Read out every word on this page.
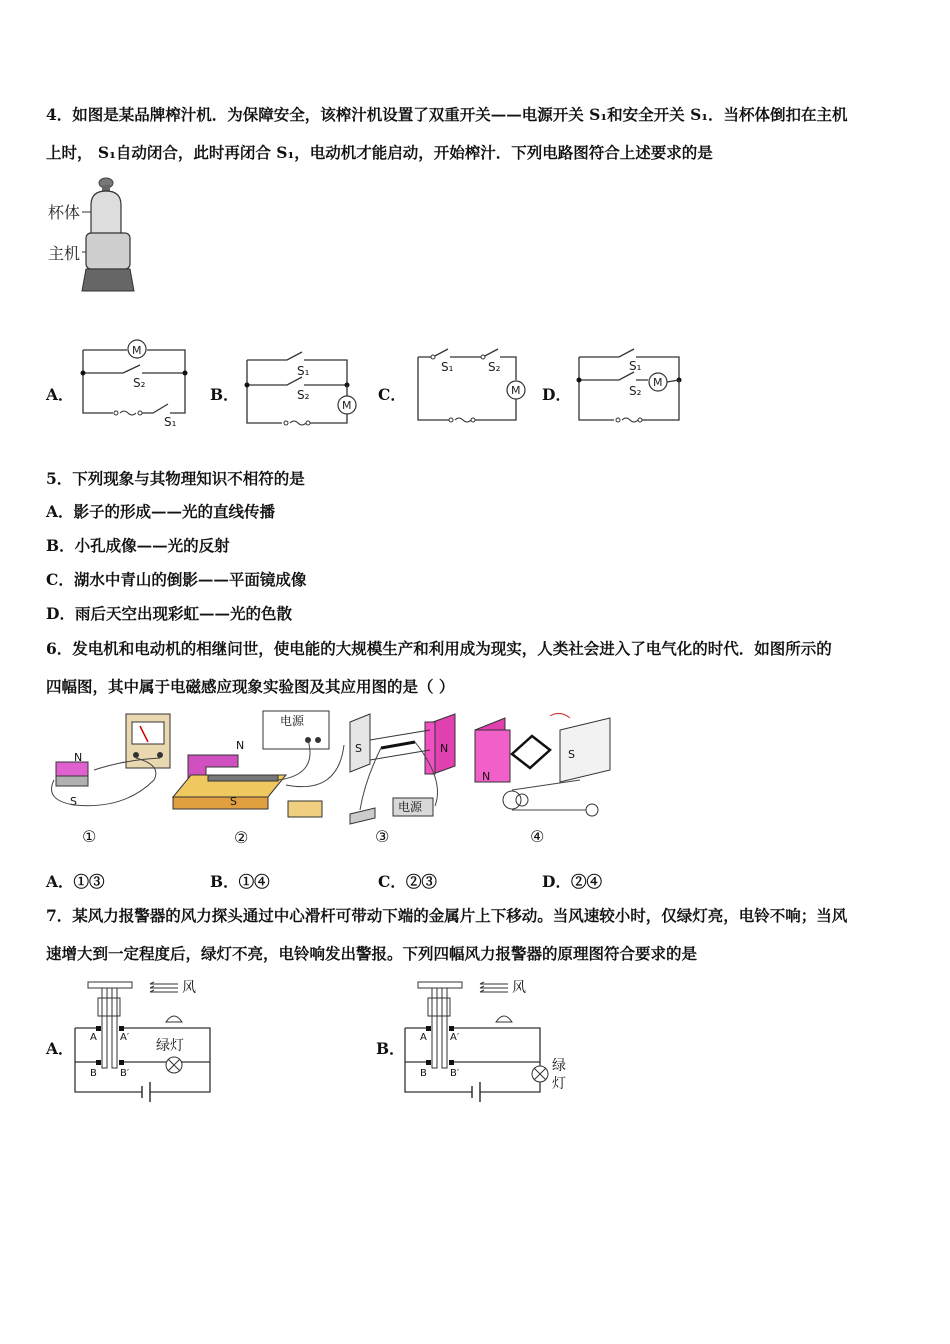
4．如图是某品牌榨汁机．为保障安全，该榨汁机设置了双重开关——电源开关 S₁和安全开关 S₁．当杯体倒扣在主机
上时， S₁自动闭合，此时再闭合 S₁，电动机才能启动，开始榨汁．下列电路图符合上述要求的是
杯体
主机
A．	B．	C．	D．
M
S₂
S₁
S₁
S₂
M
S₁	S₂
M
S₁
S₂
M
5．下列现象与其物理知识不相符的是
A．影子的形成——光的直线传播
B．小孔成像——光的反射
C．湖水中青山的倒影——平面镜成像
D．雨后天空出现彩虹——光的色散
6．发电机和电动机的相继问世，使电能的大规模生产和利用成为现实，人类社会进入了电气化的时代．如图所示的
四幅图，其中属于电磁感应现象实验图及其应用图的是（ ）
N
S
①
电源
N
S
②
S	N
电源
③
N
S
④
A．①③	B．①④	C．②③	D．②④
7．某风力报警器的风力探头通过中心滑杆可带动下端的金属片上下移动。当风速较小时，仅绿灯亮，电铃不响；当风
速增大到一定程度后，绿灯不亮，电铃响发出警报。下列四幅风力报警器的原理图符合要求的是
A．	B．
风
A A′
B B′
绿灯
风
A A′
B B′	绿
灯
